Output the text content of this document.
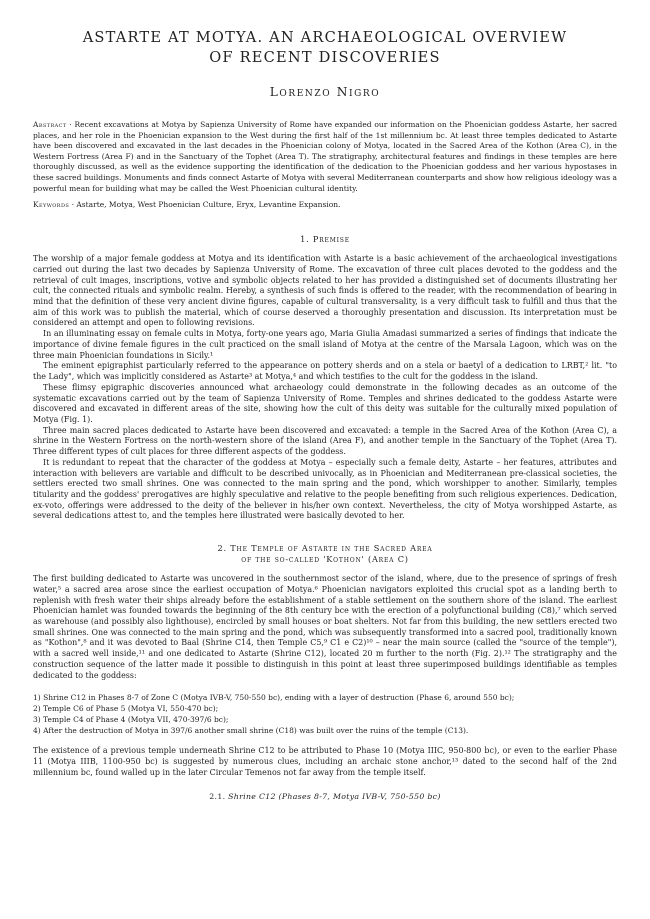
ASTARTE AT MOTYA. AN ARCHAEOLOGICAL OVERVIEW
OF RECENT DISCOVERIES

Lorenzo Nigro

Abstract · Recent excavations at Motya by Sapienza University of Rome have expanded our information on the Phoenician goddess Astarte, her sacred places, and her role in the Phoenician expansion to the West during the first half of the 1st millennium bc. At least three temples dedicated to Astarte have been discovered and excavated in the last decades in the Phoenician colony of Motya, located in the Sacred Area of the Kothon (Area C), in the Western Fortress (Area F) and in the Sanctuary of the Tophet (Area T). The stratigraphy, architectural features and findings in these temples are here thoroughly discussed, as well as the evidence supporting the identification of the dedication to the Phoenician goddess and her various hypostases in these sacred buildings. Monuments and finds connect Astarte of Motya with several Mediterranean counterparts and show how religious ideology was a powerful mean for building what may be called the West Phoenician cultural identity.
Keywords · Astarte, Motya, West Phoenician Culture, Eryx, Levantine Expansion.

1. Premise

The worship of a major female goddess at Motya and its identification with Astarte is a basic achievement of the archaeological investigations carried out during the last two decades by Sapienza University of Rome. The excavation of three cult places devoted to the goddess and the retrieval of cult images, inscriptions, votive and symbolic objects related to her has provided a distinguished set of documents illustrating her cult, the connected rituals and symbolic realm. Hereby, a synthesis of such finds is offered to the reader, with the recommendation of bearing in mind that the definition of these very ancient divine figures, capable of cultural transversality, is a very difficult task to fulfill and thus that the aim of this work was to publish the material, which of course deserved a thoroughly presentation and discussion. Its interpretation must be considered an attempt and open to following revisions.

In an illuminating essay on female cults in Motya, forty-one years ago, Maria Giulia Amadasi summarized a series of findings that indicate the importance of divine female figures in the cult practiced on the small island of Motya at the centre of the Marsala Lagoon, which was on the three main Phoenician foundations in Sicily.¹

The eminent epigraphist particularly referred to the appearance on pottery sherds and on a stela or baetyl of a dedication to LRBT,² lit. "to the Lady", which was implicitly considered as Astarte³ at Motya,⁴ and which testifies to the cult for the goddess in the island.

These flimsy epigraphic discoveries announced what archaeology could demonstrate in the following decades as an outcome of the systematic excavations carried out by the team of Sapienza University of Rome. Temples and shrines dedicated to the goddess Astarte were discovered and excavated in different areas of the site, showing how the cult of this deity was suitable for the culturally mixed population of Motya (Fig. 1).

Three main sacred places dedicated to Astarte have been discovered and excavated: a temple in the Sacred Area of the Kothon (Area C), a shrine in the Western Fortress on the north-western shore of the island (Area F), and another temple in the Sanctuary of the Tophet (Area T). Three different types of cult places for three different aspects of the goddess.

It is redundant to repeat that the character of the goddess at Motya – especially such a female deity, Astarte – her features, attributes and interaction with believers are variable and difficult to be described univocally, as in Phoenician and Mediterranean pre-classical societies, the settlers erected two small shrines. One was connected to the main spring and the pond, which worshipper to another. Similarly, temples titularity and the goddess' prerogatives are highly speculative and relative to the people benefiting from such religious experiences. Dedication, ex-voto, offerings were addressed to the deity of the believer in his/her own context. Nevertheless, the city of Motya worshipped Astarte, as several dedications attest to, and the temples here illustrated were basically devoted to her.

2. The Temple of Astarte in the Sacred Area
of the so-called 'Kothon' (Area C)

The first building dedicated to Astarte was uncovered in the southernmost sector of the island, where, due to the presence of springs of fresh water,⁵ a sacred area arose since the earliest occupation of Motya.⁶ Phoenician navigators exploited this crucial spot as a landing berth to replenish with fresh water their ships already before the establishment of a stable settlement on the southern shore of the island. The earliest Phoenician hamlet was founded towards the beginning of the 8th century bce with the erection of a polyfunctional building (C8),⁷ which served as warehouse (and possibly also lighthouse), encircled by small houses or boat shelters. Not far from this building, the new settlers erected two small shrines. One was connected to the main spring and the pond, which was subsequently transformed into a sacred pool, traditionally known as "Kothon",⁸ and it was devoted to Baal (Shrine C14, then Temple C5,⁹ C1 e C2)¹⁰ – near the main source (called the "source of the temple"), with a sacred well inside,¹¹ and one dedicated to Astarte (Shrine C12), located 20 m further to the north (Fig. 2).¹² The stratigraphy and the construction sequence of the latter made it possible to distinguish in this point at least three superimposed buildings identifiable as temples dedicated to the goddess:

1) Shrine C12 in Phases 8-7 of Zone C (Motya IVB-V, 750-550 bc), ending with a layer of destruction (Phase 6, around 550 bc);
2) Temple C6 of Phase 5 (Motya VI, 550-470 bc);
3) Temple C4 of Phase 4 (Motya VII, 470-397/6 bc);
4) After the destruction of Motya in 397/6 another small shrine (C18) was built over the ruins of the temple (C13).

The existence of a previous temple underneath Shrine C12 to be attributed to Phase 10 (Motya IIIC, 950-800 bc), or even to the earlier Phase 11 (Motya IIIB, 1100-950 bc) is suggested by numerous clues, including an archaic stone anchor,¹³ dated to the second half of the 2nd millennium bc, found walled up in the later Circular Temenos not far away from the temple itself.

2.1. Shrine C12 (Phases 8-7, Motya IVB-V, 750-550 bc)
